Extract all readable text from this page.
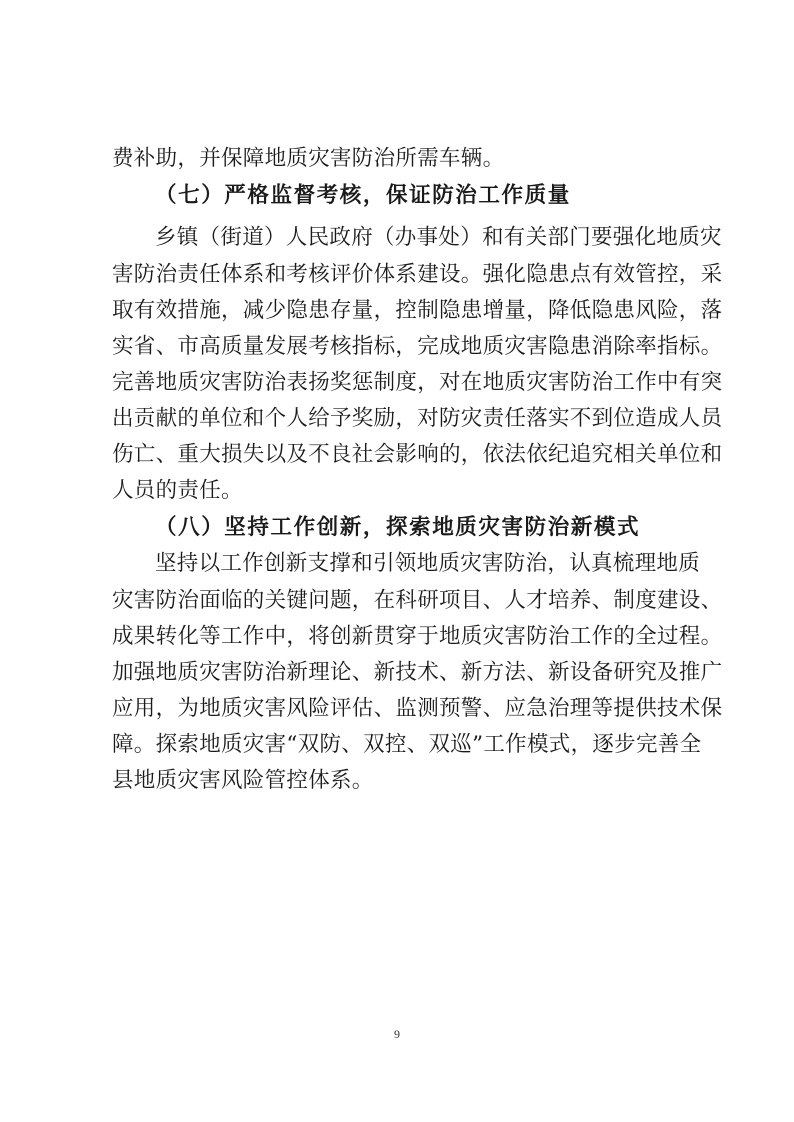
费补助，并保障地质灾害防治所需车辆。
（七）严格监督考核，保证防治工作质量
乡镇（街道）人民政府（办事处）和有关部门要强化地质灾
害防治责任体系和考核评价体系建设。强化隐患点有效管控，采
取有效措施，减少隐患存量，控制隐患增量，降低隐患风险，落
实省、市高质量发展考核指标，完成地质灾害隐患消除率指标。
完善地质灾害防治表扬奖惩制度，对在地质灾害防治工作中有突
出贡献的单位和个人给予奖励，对防灾责任落实不到位造成人员
伤亡、重大损失以及不良社会影响的，依法依纪追究相关单位和
人员的责任。
（八）坚持工作创新，探索地质灾害防治新模式
坚持以工作创新支撑和引领地质灾害防治，认真梳理地质
灾害防治面临的关键问题，在科研项目、人才培养、制度建设、
成果转化等工作中，将创新贯穿于地质灾害防治工作的全过程。
加强地质灾害防治新理论、新技术、新方法、新设备研究及推广
应用，为地质灾害风险评估、监测预警、应急治理等提供技术保
障。探索地质灾害“双防、双控、双巡”工作模式，逐步完善全
县地质灾害风险管控体系。
9
